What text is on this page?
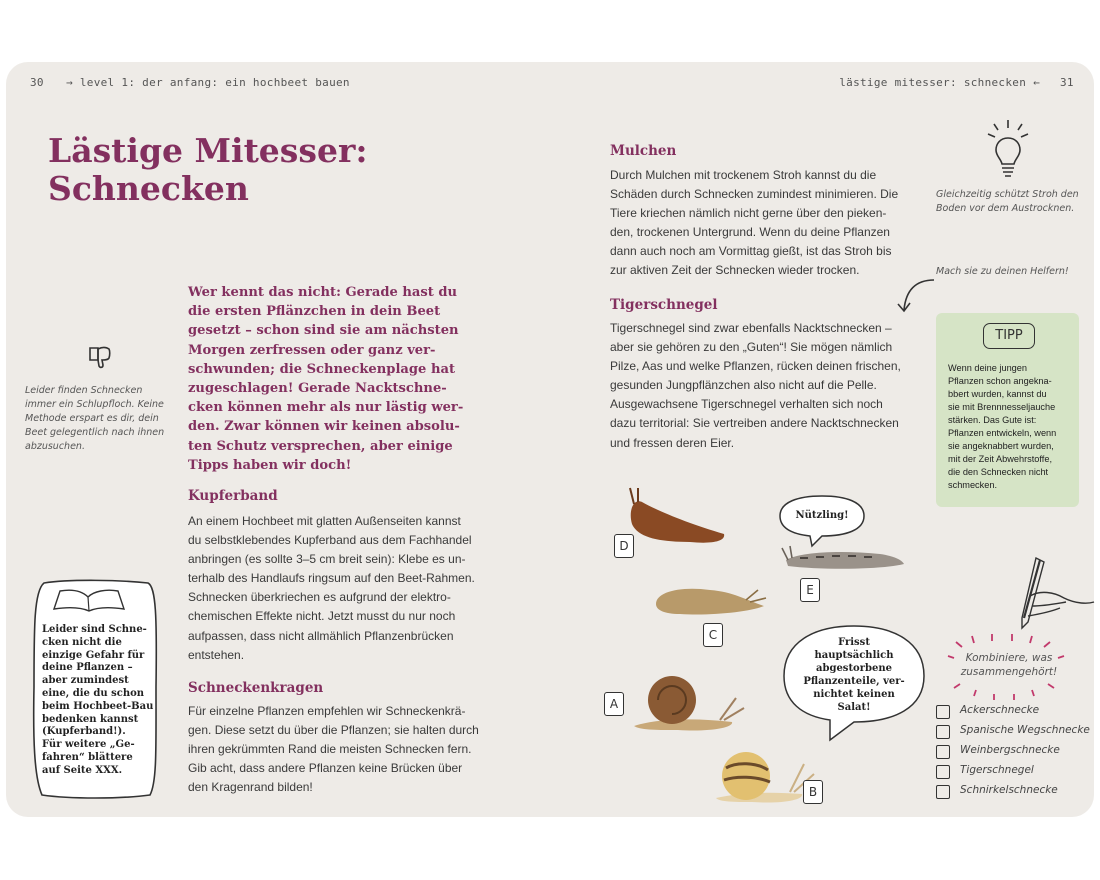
30 → level 1: der anfang: ein hochbeet bauen	lästige mitesser: schnecken ← 31
Lästige Mitesser:
Schnecken
Leider finden Schnecken
immer ein Schlupfloch. Keine
Methode erspart es dir, dein
Beet gelegentlich nach ihnen
abzusuchen.
Wer kennt das nicht: Gerade hast du
die ersten Pflänzchen in dein Beet
gesetzt – schon sind sie am nächsten
Morgen zerfressen oder ganz ver-
schwunden; die Schneckenplage hat
zugeschlagen! Gerade Nacktschne-
cken können mehr als nur lästig wer-
den. Zwar können wir keinen absolu-
ten Schutz versprechen, aber einige
Tipps haben wir doch!
Kupferband
An einem Hochbeet mit glatten Außenseiten kannst
du selbstklebendes Kupferband aus dem Fachhandel
anbringen (es sollte 3–5 cm breit sein): Klebe es un-
terhalb des Handlaufs ringsum auf den Beet-Rahmen.
Schnecken überkriechen es aufgrund der elektro-
chemischen Effekte nicht. Jetzt musst du nur noch
aufpassen, dass nicht allmählich Pflanzenbrücken
entstehen.
Schneckenkragen
Für einzelne Pflanzen empfehlen wir Schneckenkrä-
gen. Diese setzt du über die Pflanzen; sie halten durch
ihren gekrümmten Rand die meisten Schnecken fern.
Gib acht, dass andere Pflanzen keine Brücken über
den Kragenrand bilden!
Leider sind Schne-
cken nicht die
einzige Gefahr für
deine Pflanzen –
aber zumindest
eine, die du schon
beim Hochbeet-Bau
bedenken kannst
(Kupferband!).
Für weitere „Ge-
fahren“ blättere
auf Seite XXX.
Mulchen
Durch Mulchen mit trockenem Stroh kannst du die
Schäden durch Schnecken zumindest minimieren. Die
Tiere kriechen nämlich nicht gerne über den pieken-
den, trockenen Untergrund. Wenn du deine Pflanzen
dann auch noch am Vormittag gießt, ist das Stroh bis
zur aktiven Zeit der Schnecken wieder trocken.
Tigerschnegel
Tigerschnegel sind zwar ebenfalls Nacktschnecken –
aber sie gehören zu den „Guten“! Sie mögen nämlich
Pilze, Aas und welke Pflanzen, rücken deinen frischen,
gesunden Jungpflänzchen also nicht auf die Pelle.
Ausgewachsene Tigerschnegel verhalten sich noch
dazu territorial: Sie vertreiben andere Nacktschnecken
und fressen deren Eier.
Gleichzeitig schützt Stroh den
Boden vor dem Austrocknen.
Mach sie zu deinen Helfern!
TIPP
Wenn deine jungen
Pflanzen schon angekna-
bbert wurden, kannst du
sie mit Brennnesseljauche
stärken. Das Gute ist:
Pflanzen entwickeln, wenn
sie angeknabbert wurden,
mit der Zeit Abwehrstoffe,
die den Schnecken nicht
schmecken.
D
E
C
A
B
Nützling!
Frisst
hauptsächlich
abgestorbene
Pflanzenteile, ver-
nichtet keinen
Salat!
Kombiniere, was
zusammengehört!
Ackerschnecke
Spanische Wegschnecke
Weinbergschnecke
Tigerschnegel
Schnirkelschnecke
